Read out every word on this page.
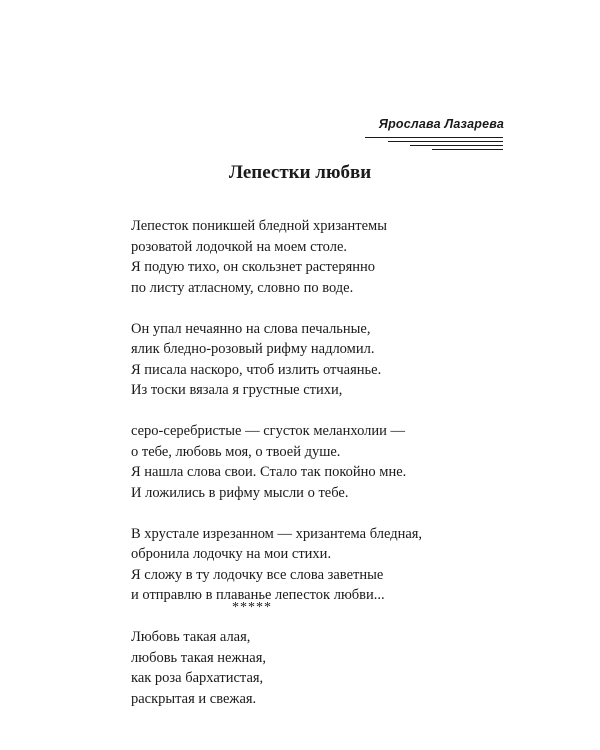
Ярослава Лазарева
Лепестки любви

Лепесток поникшей бледной хризантемы
розоватой лодочкой на моем столе.
Я подую тихо, он скользнет растерянно
по листу атласному, словно по воде.

Он упал нечаянно на слова печальные,
ялик бледно-розовый рифму надломил.
Я писала наскоро, чтоб излить отчаянье.
Из тоски вязала я грустные стихи,

серо-серебристые — сгусток меланхолии —
о тебе, любовь моя, о твоей душе.
Я нашла слова свои. Стало так покойно мне.
И ложились в рифму мысли о тебе.

В хрустале изрезанном — хризантема бледная,
обронила лодочку на мои стихи.
Я сложу в ту лодочку все слова заветные
и отправлю в плаванье лепесток любви...

*****
Любовь такая алая,
любовь такая нежная,
как роза бархатистая,
раскрытая и свежая.
